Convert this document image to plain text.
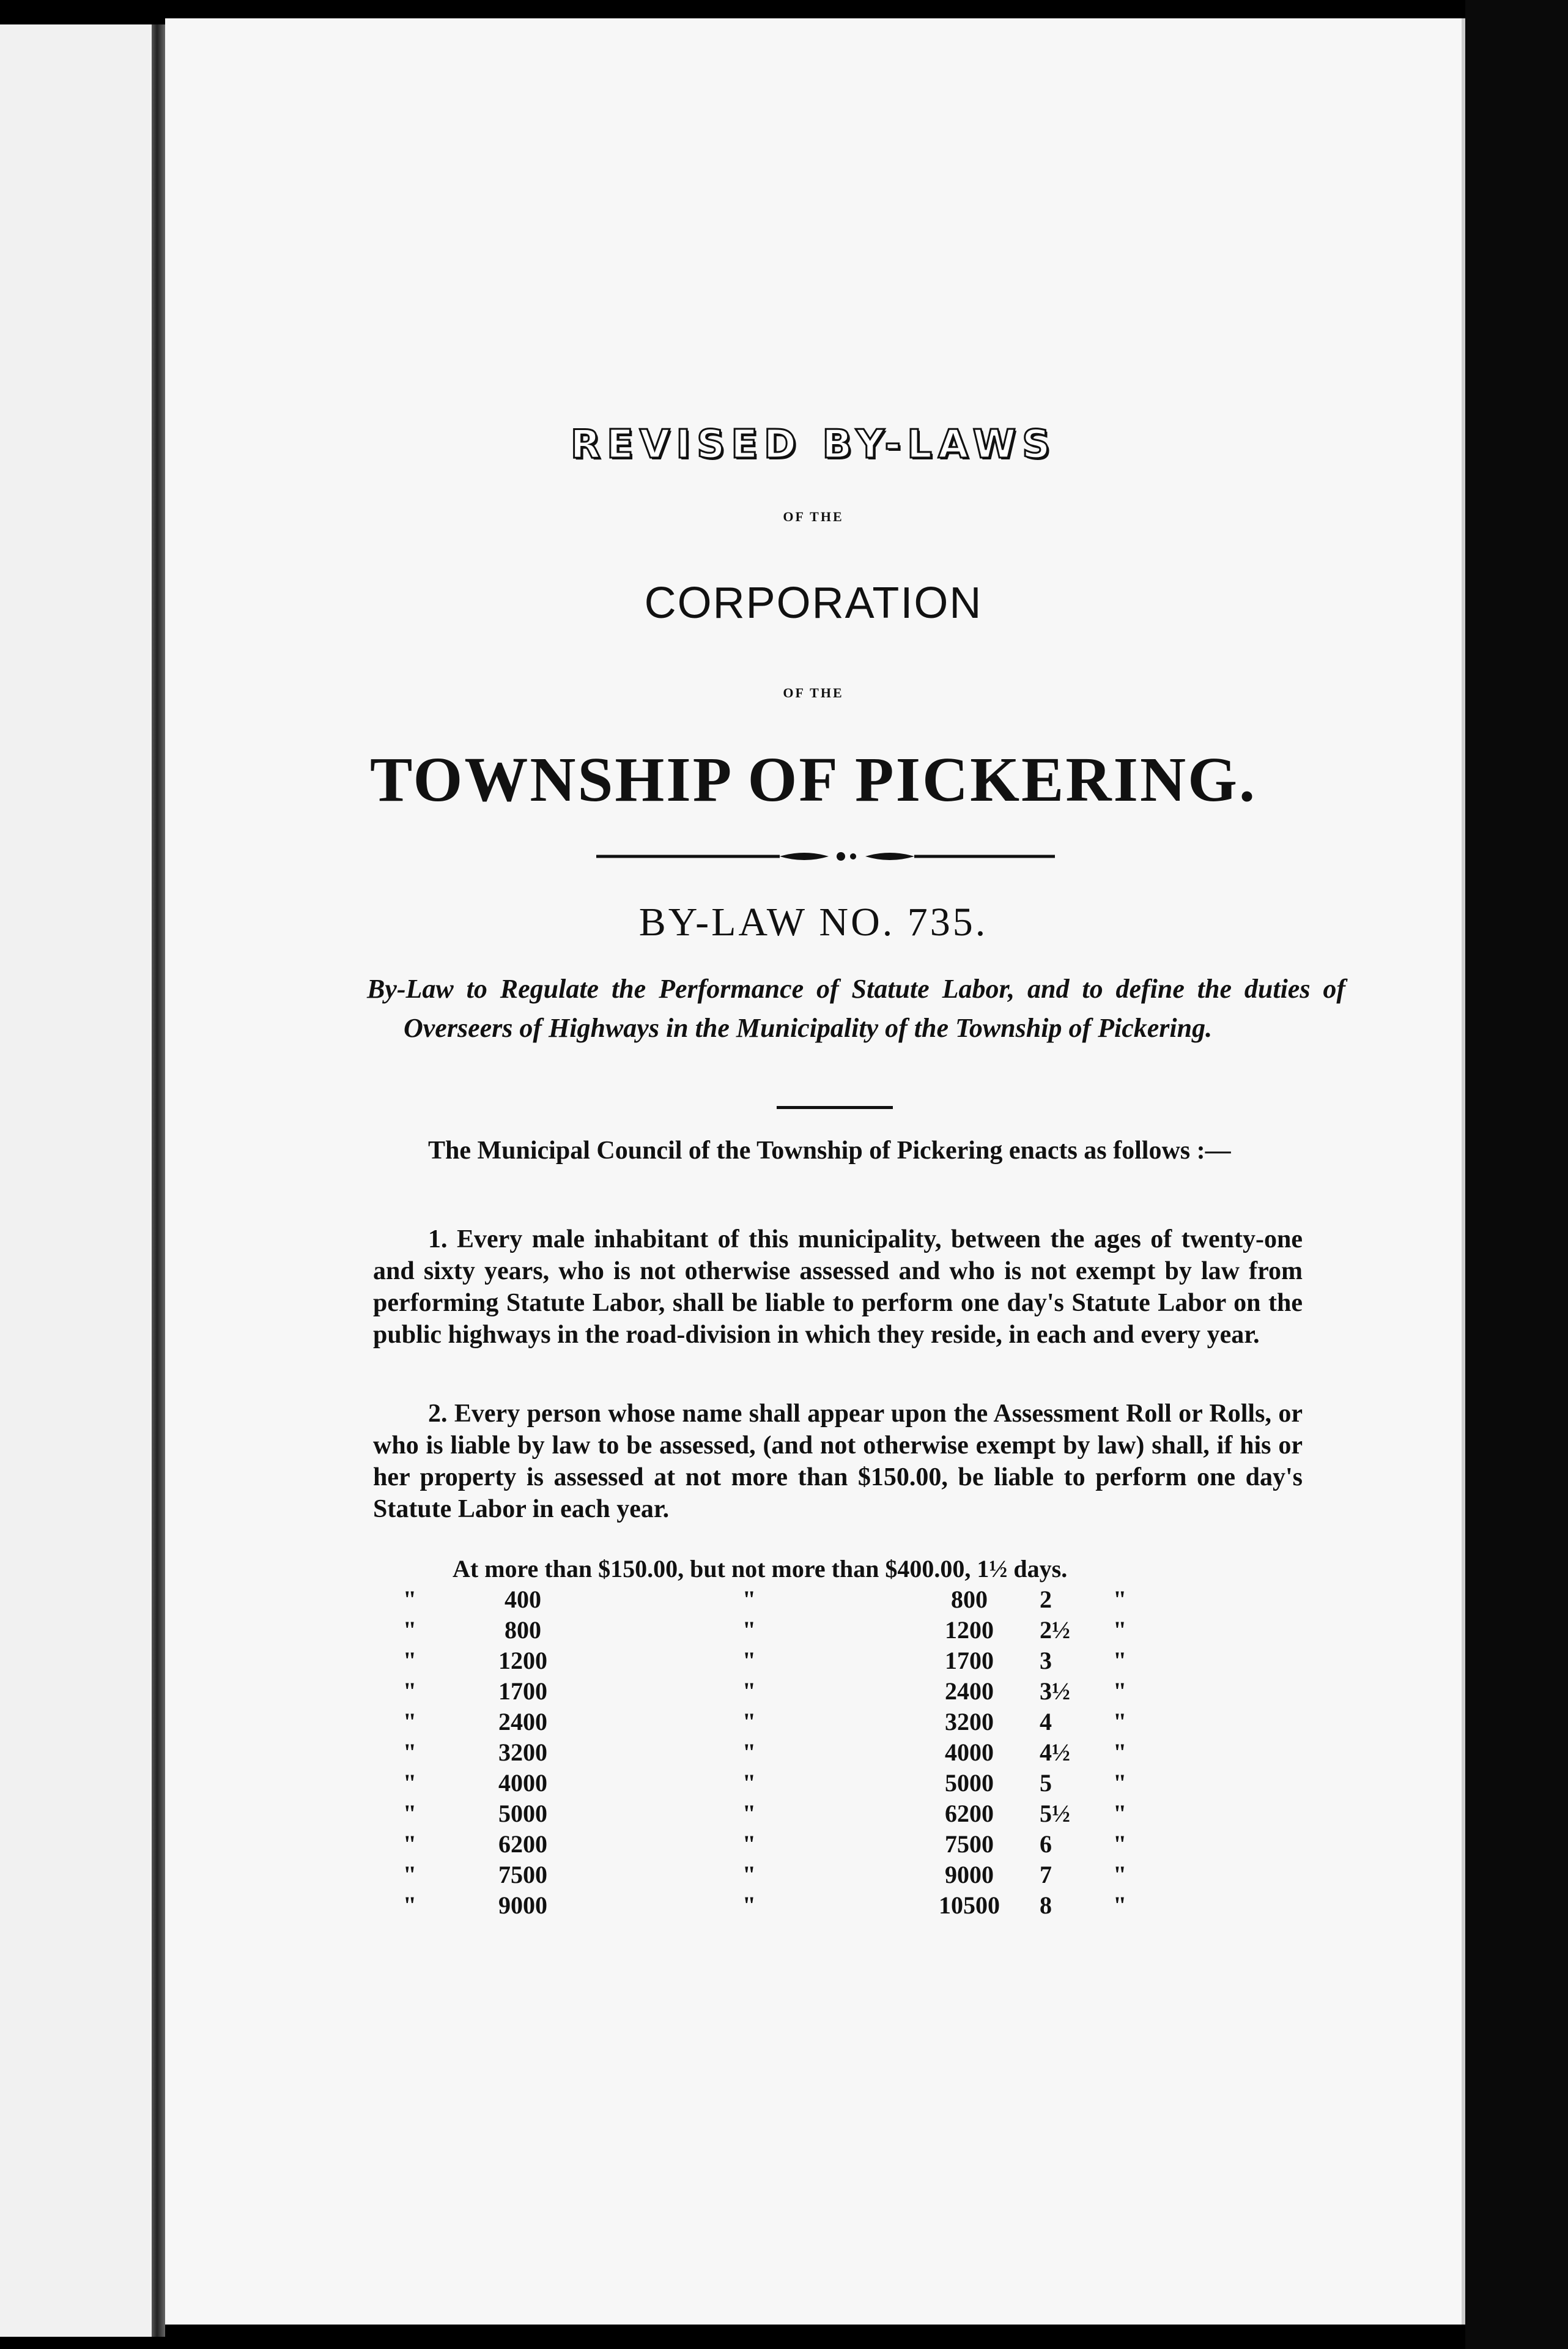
REVISED BY-LAWS
OF THE
CORPORATION
OF THE
TOWNSHIP OF PICKERING.
BY-LAW NO. 735.
By-Law to Regulate the Performance of Statute Labor, and to define the duties of Overseers of Highways in the Municipality of the Township of Pickering.
The Municipal Council of the Township of Pickering enacts as follows :—
1. Every male inhabitant of this municipality, between the ages of twenty-one and sixty years, who is not otherwise assessed and who is not exempt by law from performing Statute Labor, shall be liable to perform one day's Statute Labor on the public highways in the road-division in which they reside, in each and every year.
2. Every person whose name shall appear upon the Assessment Roll or Rolls, or who is liable by law to be assessed, (and not otherwise exempt by law) shall, if his or her property is assessed at not more than $150.00, be liable to perform one day's Statute Labor in each year.
At more than $150.00, but not more than $400.00, 1½ days.					
"	400	"	800	2	"
"	800	"	1200	2½	"
"	1200	"	1700	3	"
"	1700	"	2400	3½	"
"	2400	"	3200	4	"
"	3200	"	4000	4½	"
"	4000	"	5000	5	"
"	5000	"	6200	5½	"
"	6200	"	7500	6	"
"	7500	"	9000	7	"
"	9000	"	10500	8	"
